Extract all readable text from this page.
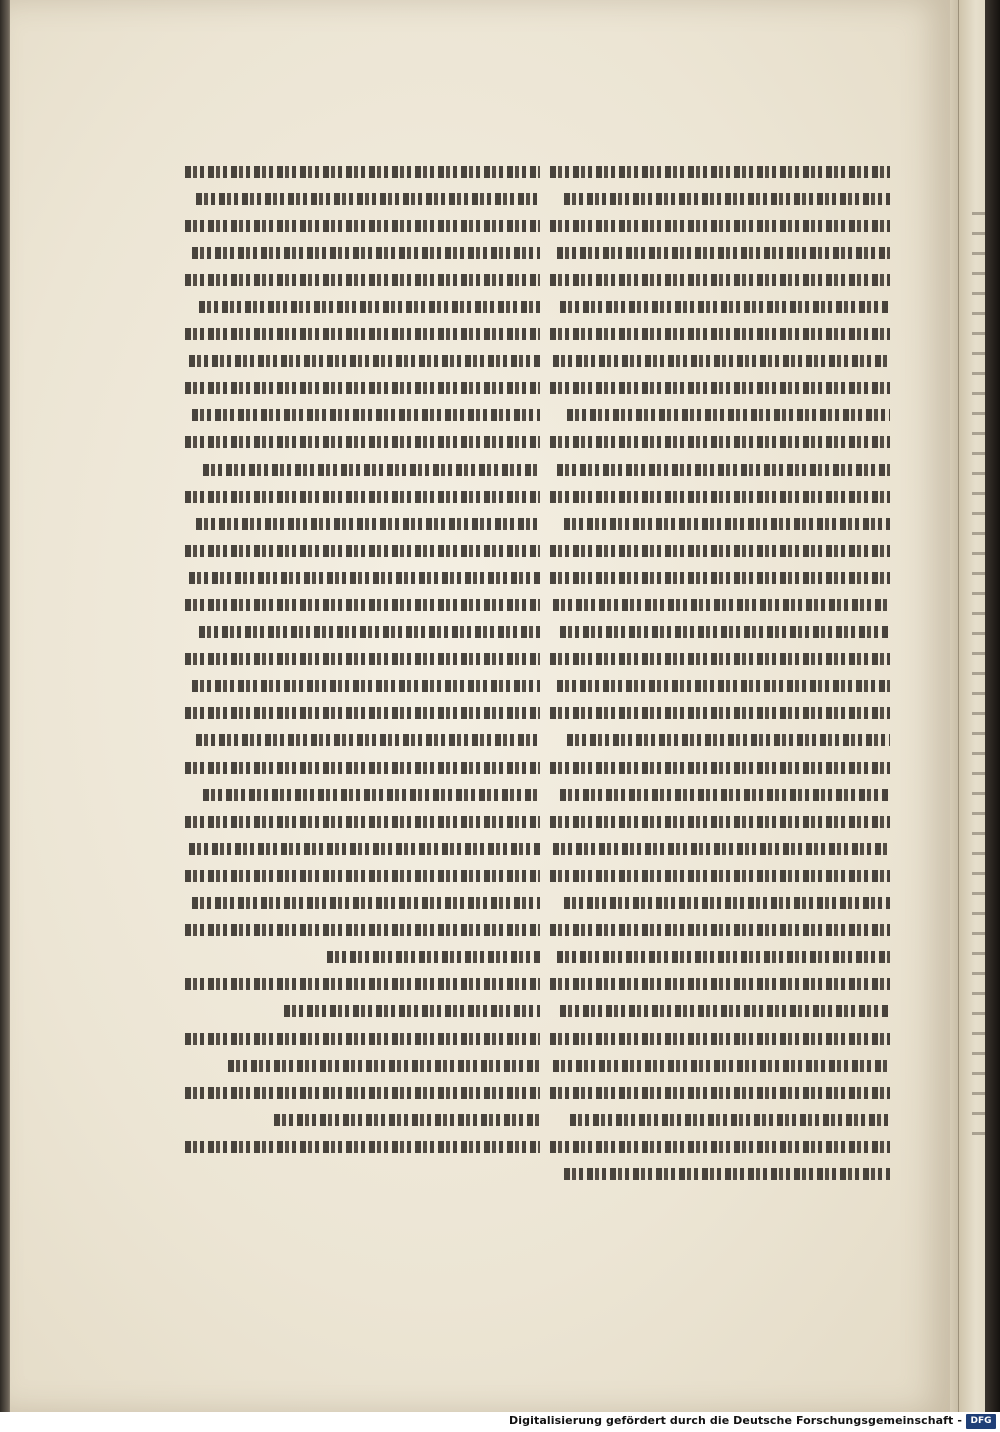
Digitalisierung gefördert durch die Deutsche Forschungsgemeinschaft - DFG
